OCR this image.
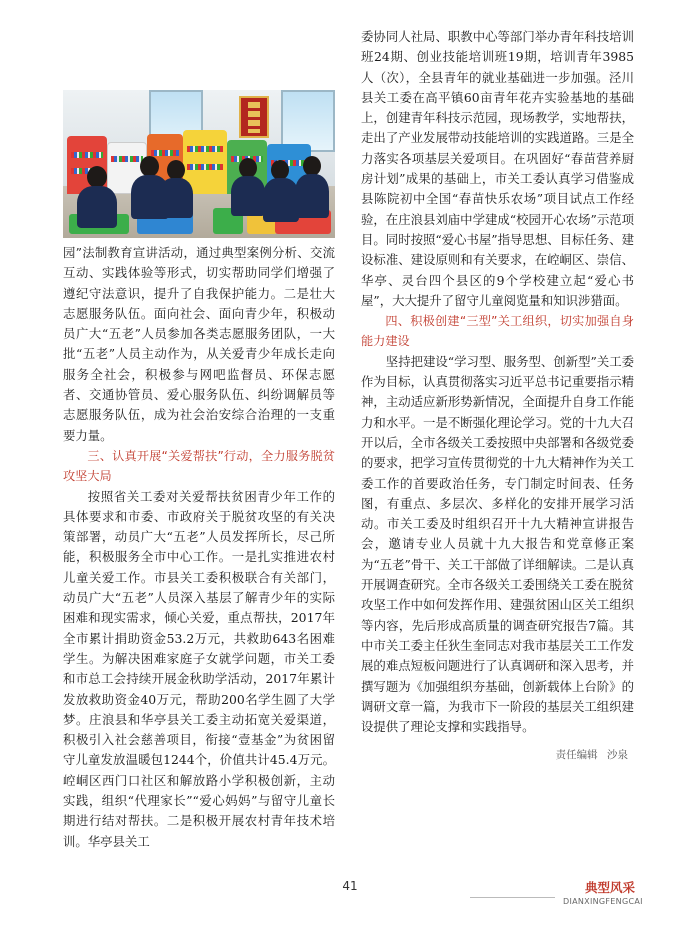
园”法制教育宣讲活动，通过典型案例分析、交流互动、实践体验等形式，切实帮助同学们增强了遵纪守法意识，提升了自我保护能力。二是壮大志愿服务队伍。面向社会、面向青少年，积极动员广大“五老”人员参加各类志愿服务团队，一大批“五老”人员主动作为，从关爱青少年成长走向服务全社会，积极参与网吧监督员、环保志愿者、交通协管员、爱心服务队伍、纠纷调解员等志愿服务队伍，成为社会治安综合治理的一支重要力量。

三、认真开展“关爱帮扶”行动，全力服务脱贫攻坚大局

按照省关工委对关爱帮扶贫困青少年工作的具体要求和市委、市政府关于脱贫攻坚的有关决策部署，动员广大“五老”人员发挥所长，尽己所能，积极服务全市中心工作。一是扎实推进农村儿童关爱工作。市县关工委积极联合有关部门，动员广大“五老”人员深入基层了解青少年的实际困难和现实需求，倾心关爱，重点帮扶，2017年全市累计捐助资金53.2万元，共救助643名困难学生。为解决困难家庭子女就学问题，市关工委和市总工会持续开展金秋助学活动，2017年累计发放救助资金40万元，帮助200名学生圆了大学梦。庄浪县和华亭县关工委主动拓宽关爱渠道，积极引入社会慈善项目，衔接“壹基金”为贫困留守儿童发放温暖包1244个，价值共计45.4万元。崆峒区西门口社区和解放路小学积极创新，主动实践，组织“代理家长”“爱心妈妈”与留守儿童长期进行结对帮扶。二是积极开展农村青年技术培训。华亭县关工

委协同人社局、职教中心等部门举办青年科技培训班24期、创业技能培训班19期，培训青年3985人（次），全县青年的就业基础进一步加强。泾川县关工委在高平镇60亩青年花卉实验基地的基础上，创建青年科技示范园，现场教学，实地帮扶，走出了产业发展带动技能培训的实践道路。三是全力落实各项基层关爱项目。在巩固好“春苗营养厨房计划”成果的基础上，市关工委认真学习借鉴成县陈院初中全国“春苗快乐农场”项目试点工作经验，在庄浪县刘庙中学建成“校园开心农场”示范项目。同时按照“爱心书屋”指导思想、目标任务、建设标准、建设原则和有关要求，在崆峒区、崇信、华亭、灵台四个县区的9个学校建立起“爱心书屋”，大大提升了留守儿童阅览量和知识涉猎面。

四、积极创建“三型”关工组织，切实加强自身能力建设

坚持把建设“学习型、服务型、创新型”关工委作为目标，认真贯彻落实习近平总书记重要指示精神，主动适应新形势新情况，全面提升自身工作能力和水平。一是不断强化理论学习。党的十九大召开以后，全市各级关工委按照中央部署和各级党委的要求，把学习宣传贯彻党的十九大精神作为关工委工作的首要政治任务，专门制定时间表、任务图，有重点、多层次、多样化的安排开展学习活动。市关工委及时组织召开十九大精神宣讲报告会，邀请专业人员就十九大报告和党章修正案为“五老”骨干、关工干部做了详细解读。二是认真开展调查研究。全市各级关工委围绕关工委在脱贫攻坚工作中如何发挥作用、建强贫困山区关工组织等内容，先后形成高质量的调查研究报告7篇。其中市关工委主任狄生奎同志对我市基层关工工作发展的难点短板问题进行了认真调研和深入思考，并撰写题为《加强组织夯基础，创新载体上台阶》的调研文章一篇，为我市下一阶段的基层关工组织建设提供了理论支撑和实践指导。

责任编辑 沙泉

41	典型风采
DIANXINGFENGCAI
